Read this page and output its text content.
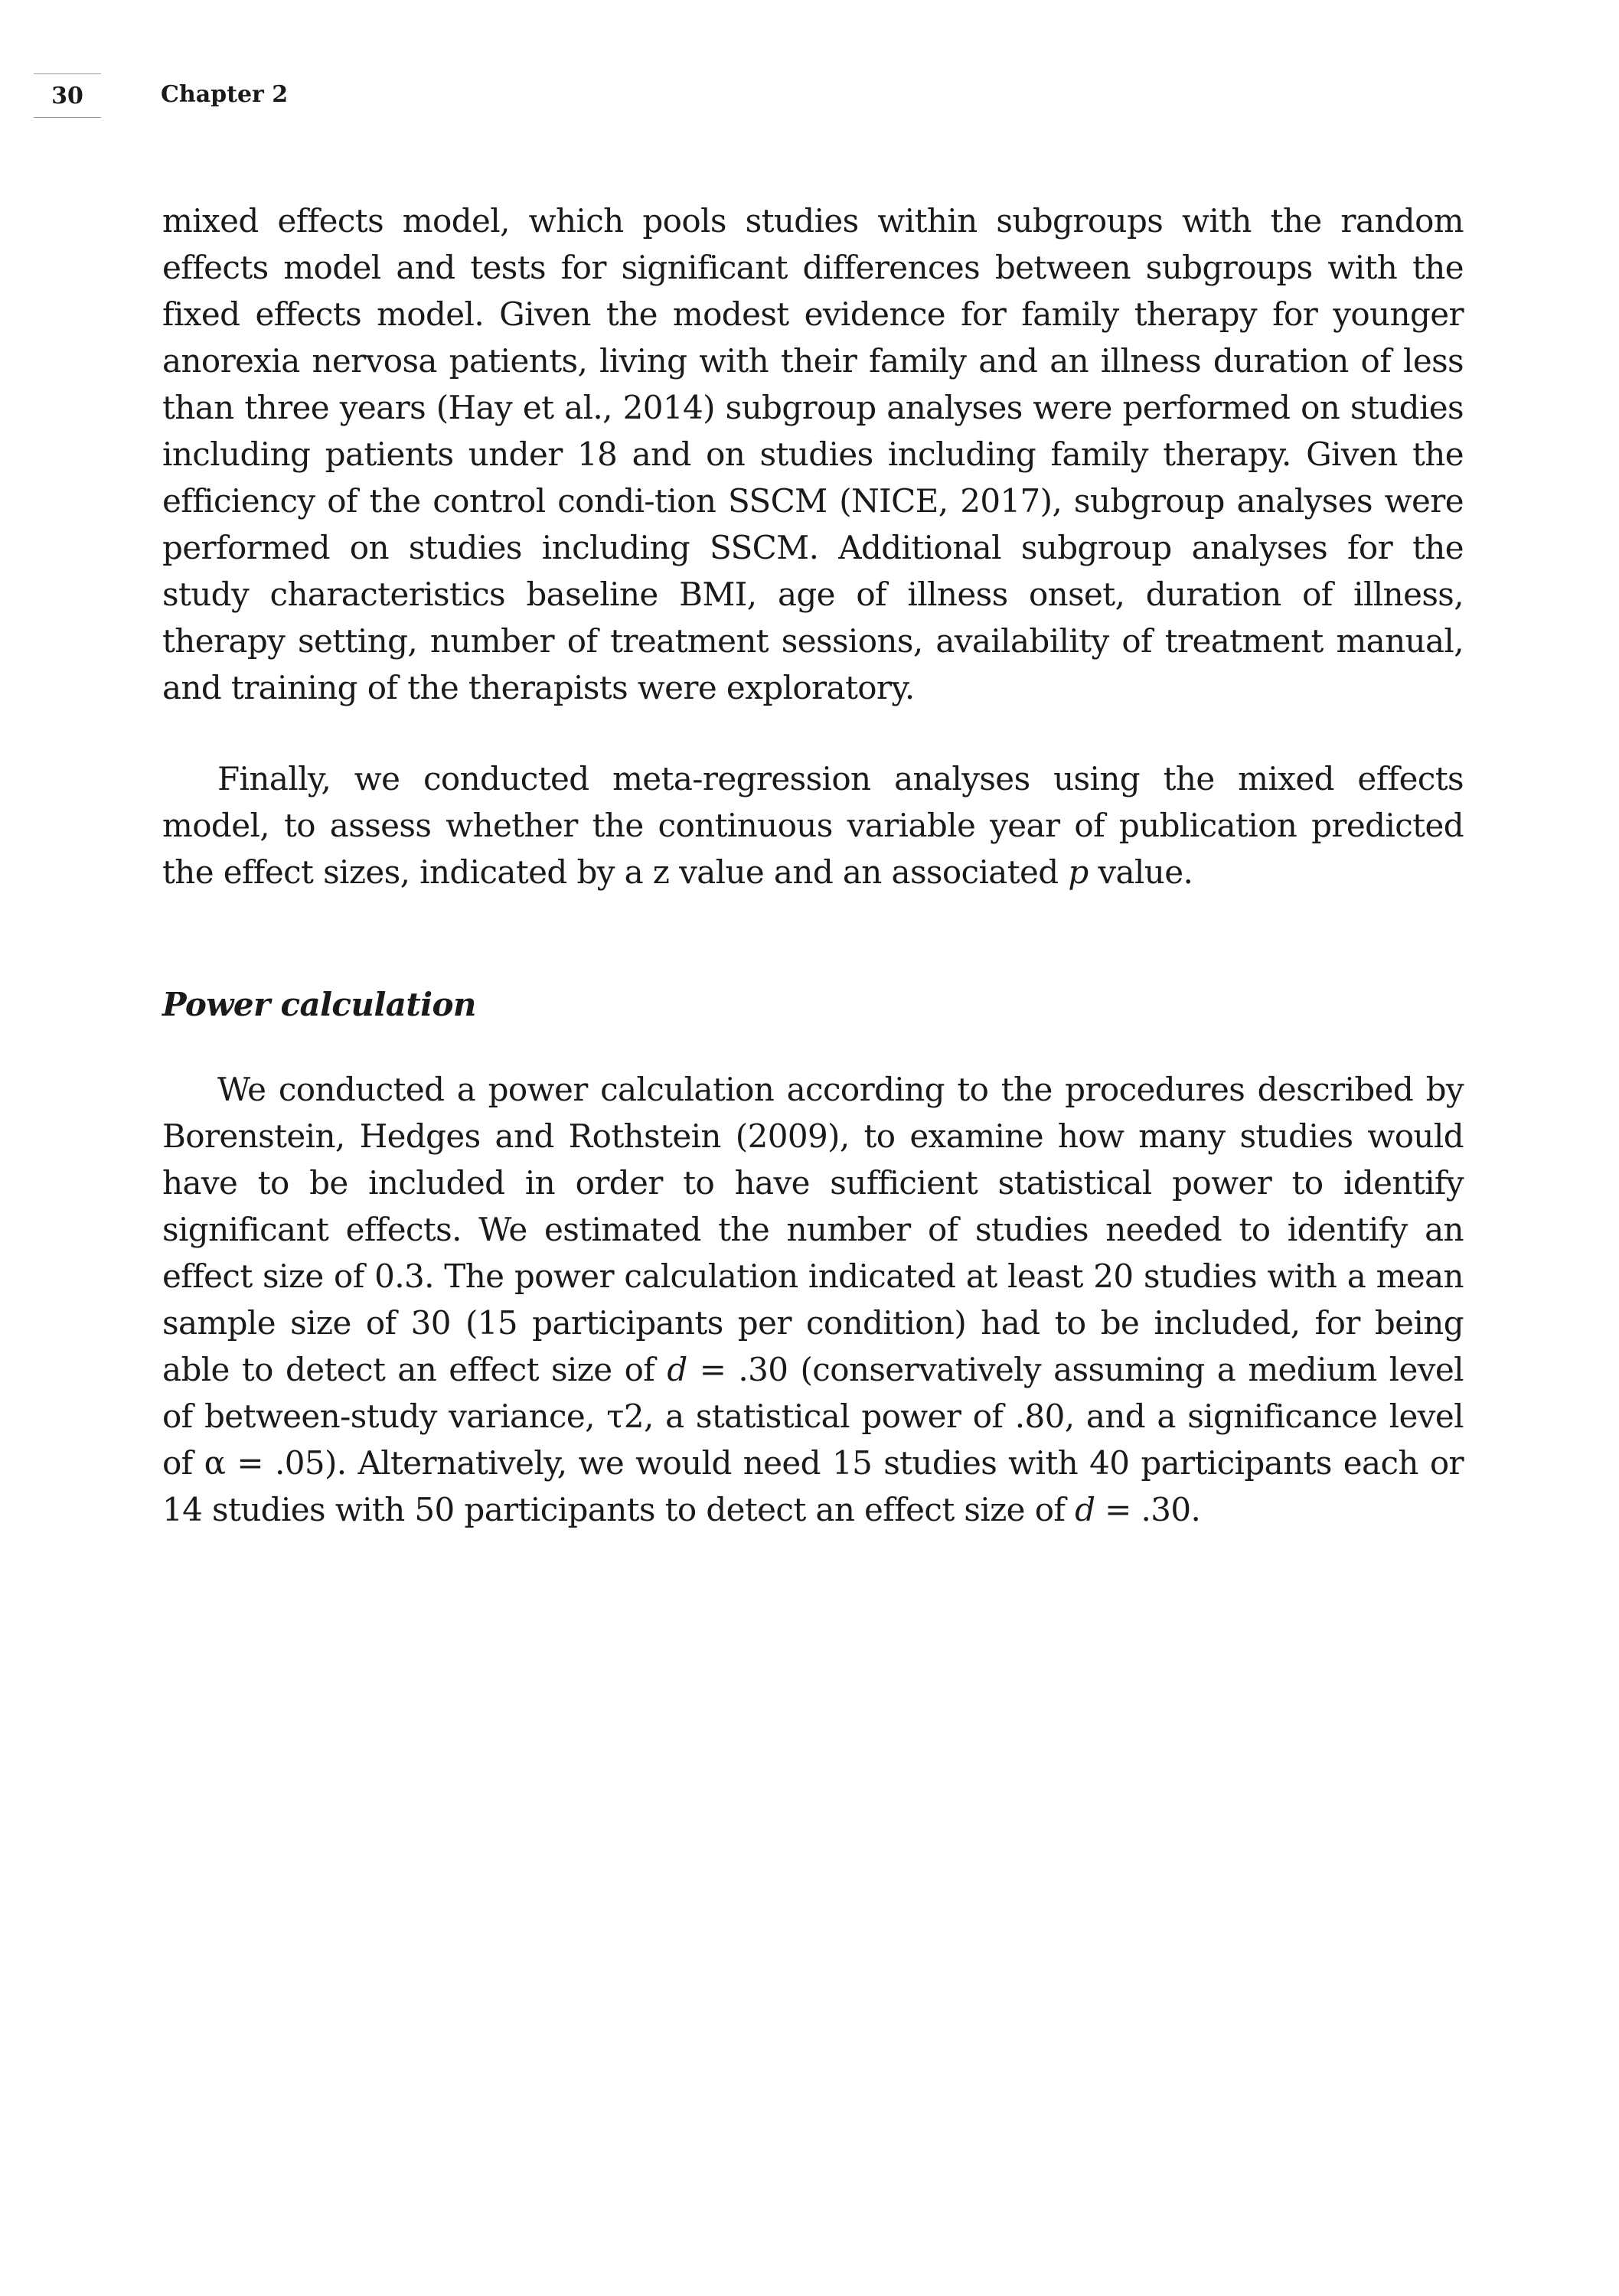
30	Chapter 2

mixed effects model, which pools studies within subgroups with the random effects model and tests for significant differences between subgroups with the fixed effects model. Given the modest evidence for family therapy for younger anorexia nervosa patients, living with their family and an illness duration of less than three years (Hay et al., 2014) subgroup analyses were performed on studies including patients under 18 and on studies including family therapy. Given the efficiency of the control condi-tion SSCM (NICE, 2017), subgroup analyses were performed on studies including SSCM. Additional subgroup analyses for the study characteristics baseline BMI, age of illness onset, duration of illness, therapy setting, number of treatment sessions, availability of treatment manual, and training of the therapists were exploratory.

Finally, we conducted meta-regression analyses using the mixed effects model, to assess whether the continuous variable year of publication predicted the effect sizes, indicated by a z value and an associated p value.

Power calculation

We conducted a power calculation according to the procedures described by Borenstein, Hedges and Rothstein (2009), to examine how many studies would have to be included in order to have sufficient statistical power to identify significant effects. We estimated the number of studies needed to identify an effect size of 0.3. The power calculation indicated at least 20 studies with a mean sample size of 30 (15 participants per condition) had to be included, for being able to detect an effect size of d = .30 (conservatively assuming a medium level of between-study variance, τ2, a statistical power of .80, and a significance level of α = .05). Alternatively, we would need 15 studies with 40 participants each or 14 studies with 50 participants to detect an effect size of d = .30.
